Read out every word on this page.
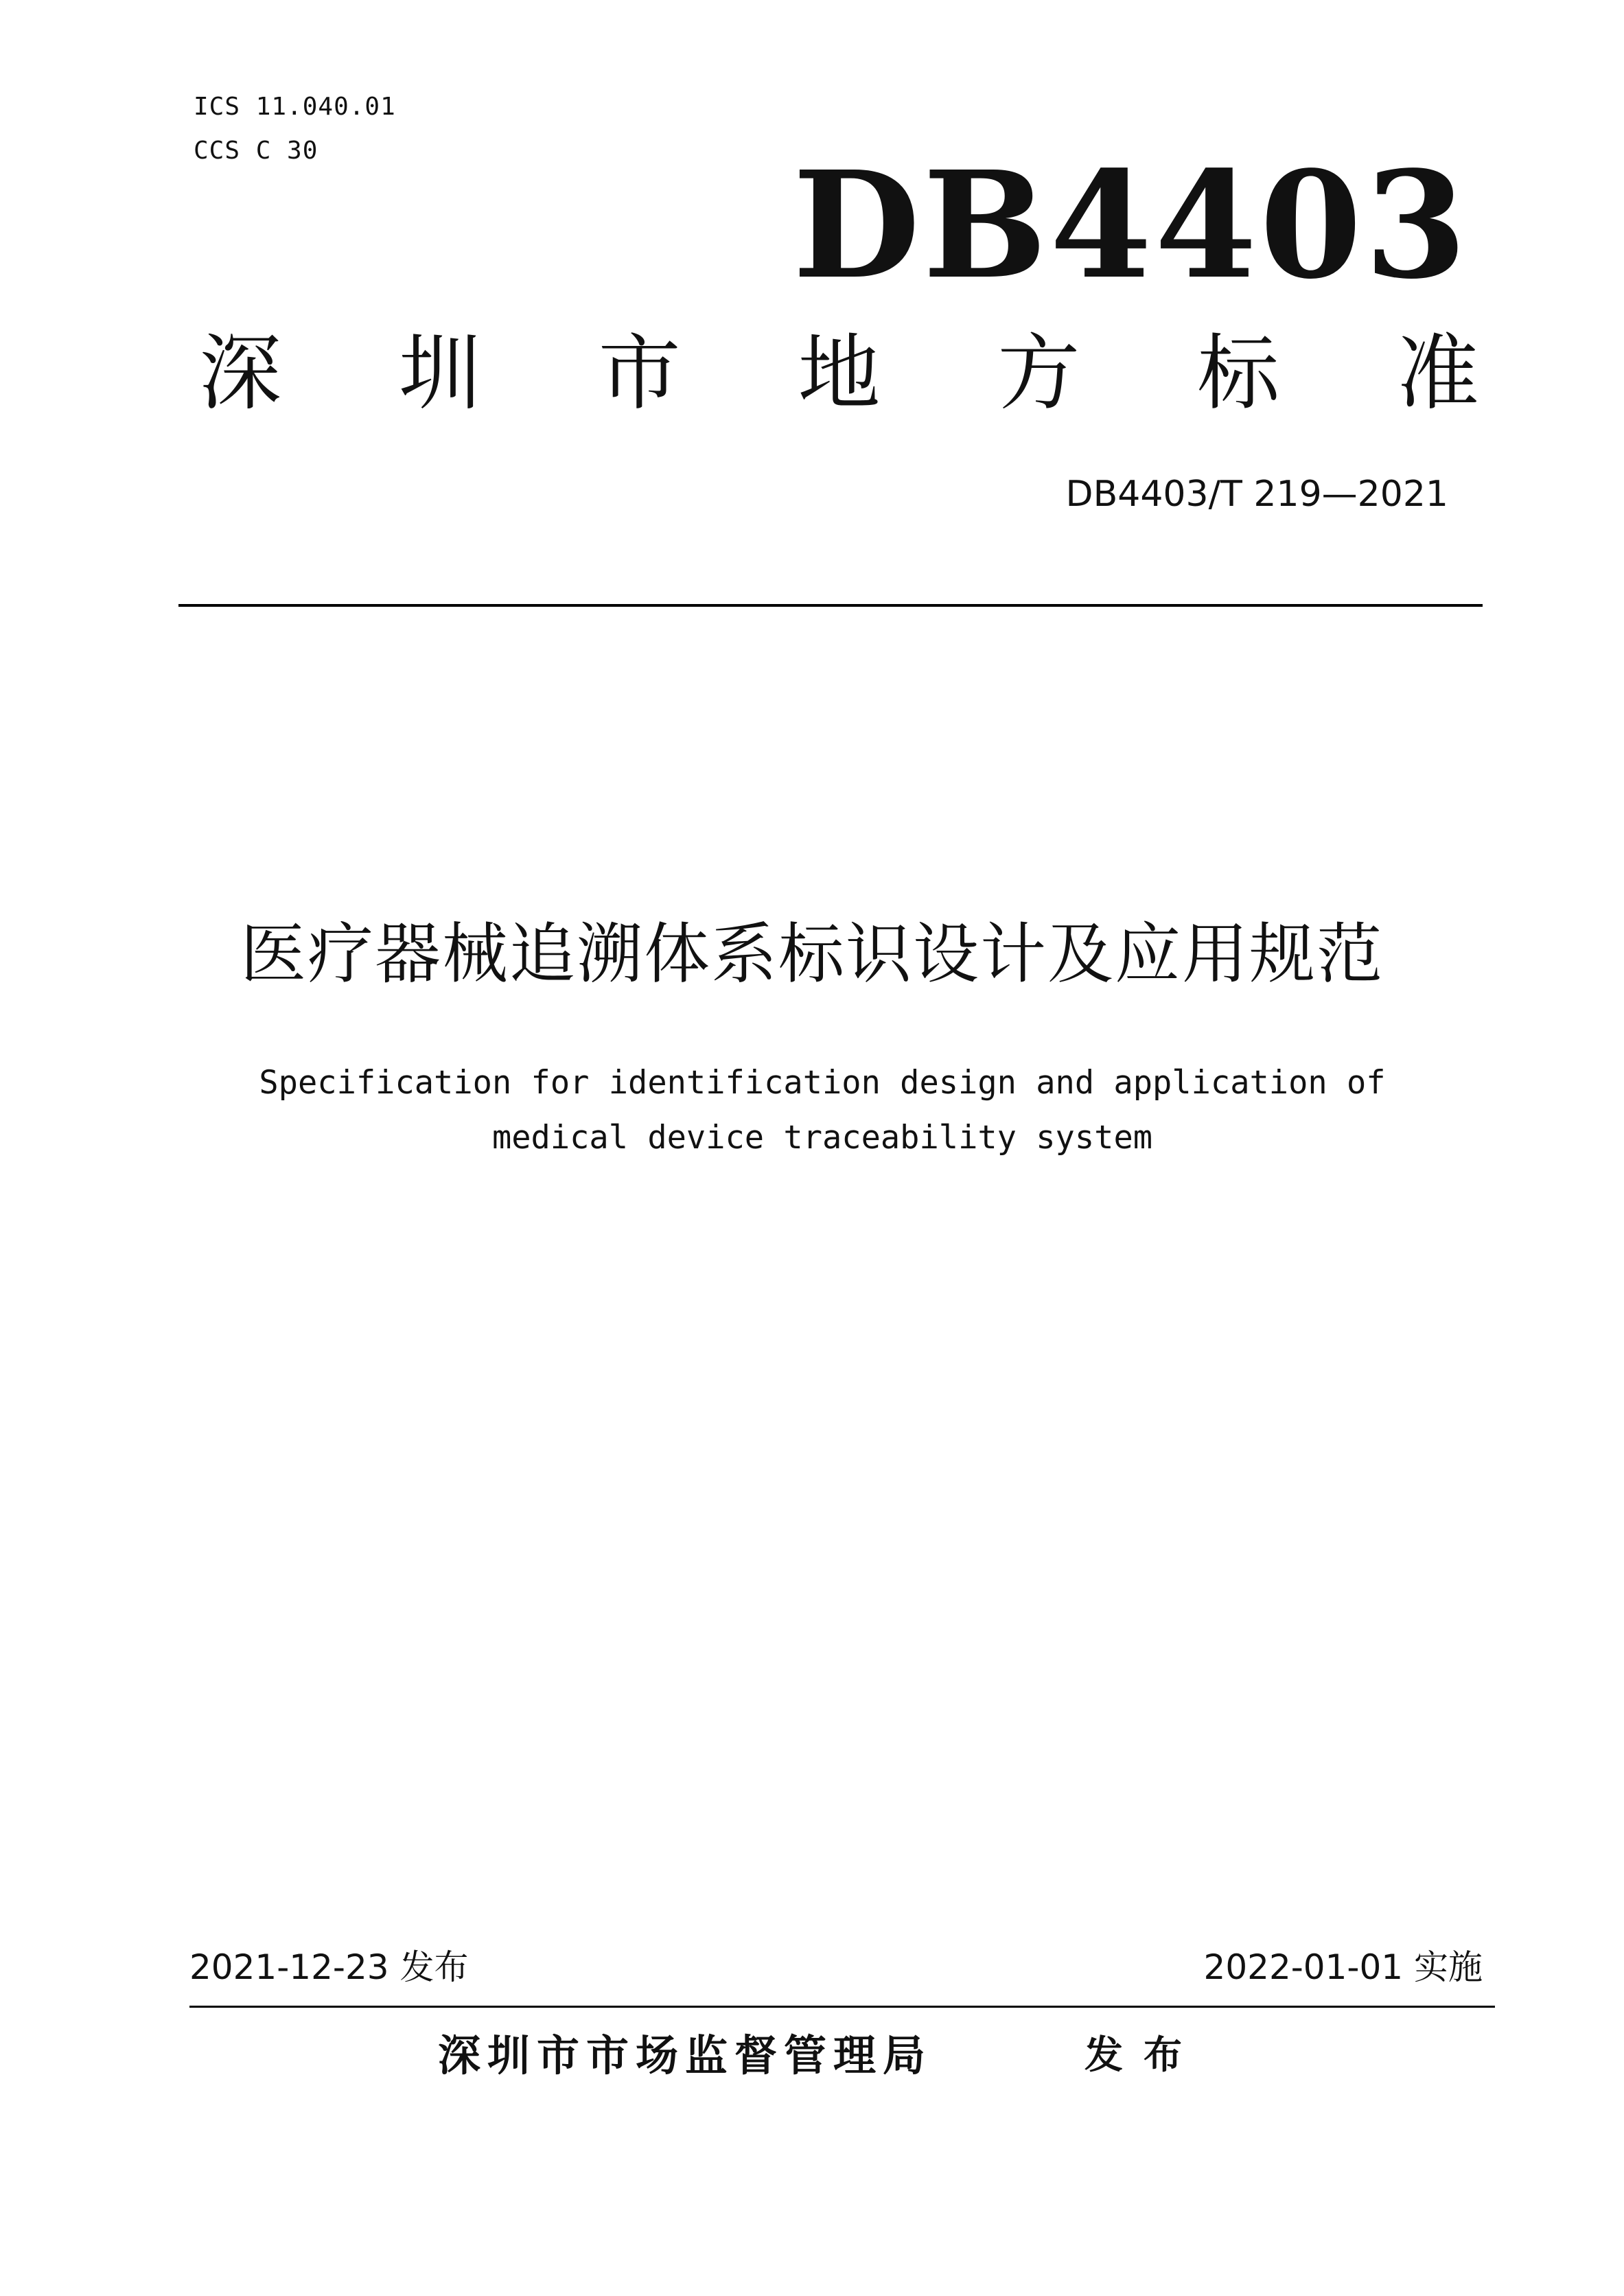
ICS 11.040.01
CCS C 30	DB4403
深 圳 市 地 方 标 准
DB4403/T 219—2021
医疗器械追溯体系标识设计及应用规范
Specification for identification design and application of medical device traceability system
2021-12-23 发布	2022-01-01 实施
深圳市市场监督管理局	发布
